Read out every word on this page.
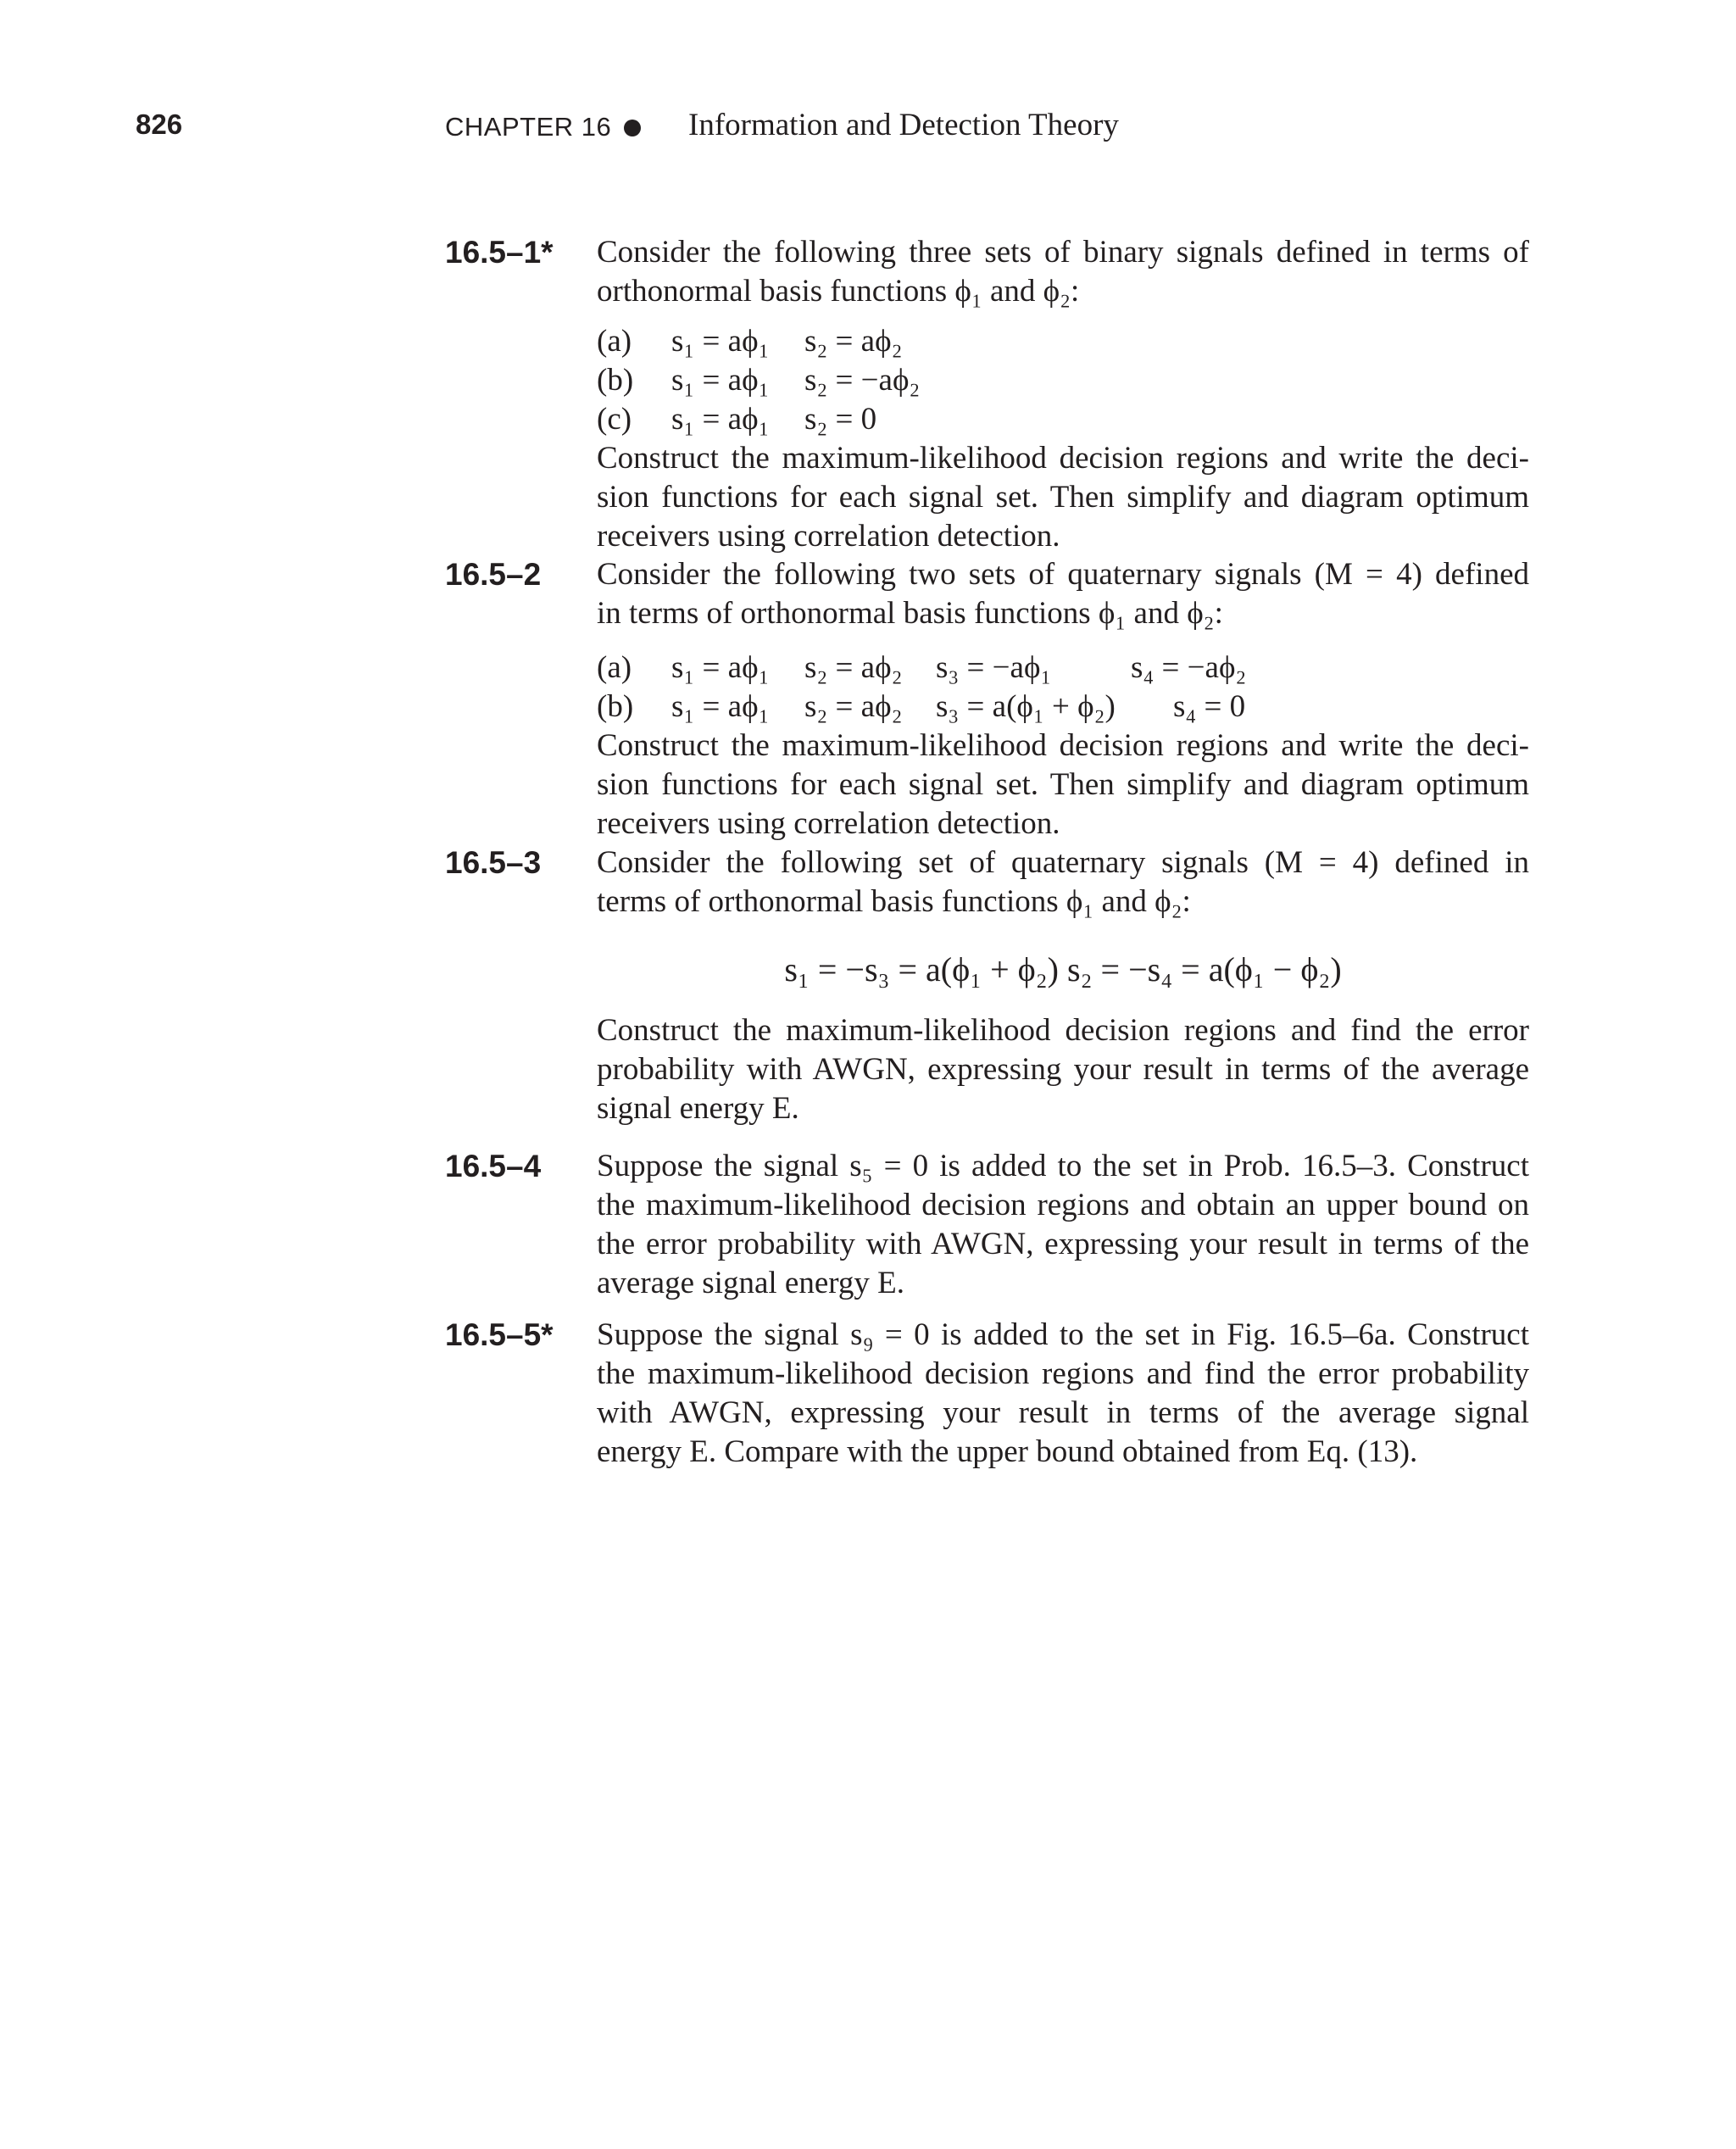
826	CHAPTER 16 Information and Detection Theory
16.5–1* Consider the following three sets of binary signals defined in terms of
orthonormal basis functions ϕ₁ and ϕ₂:
(a) s₁ = aϕ₁ s₂ = aϕ₂
(b) s₁ = aϕ₁ s₂ = −aϕ₂
(c) s₁ = aϕ₁ s₂ = 0
Construct the maximum-likelihood decision regions and write the deci-
sion functions for each signal set. Then simplify and diagram optimum
receivers using correlation detection.
16.5–2 Consider the following two sets of quaternary signals (M = 4) defined
in terms of orthonormal basis functions ϕ₁ and ϕ₂:
(a) s₁ = aϕ₁ s₂ = aϕ₂ s₃ = −aϕ₁	s₄ = −aϕ₂
(b) s₁ = aϕ₁ s₂ = aϕ₂ s₃ = a(ϕ₁ + ϕ₂) s₄ = 0
Construct the maximum-likelihood decision regions and write the deci-
sion functions for each signal set. Then simplify and diagram optimum
receivers using correlation detection.
16.5–3 Consider the following set of quaternary signals (M = 4) defined in
terms of orthonormal basis functions ϕ₁ and ϕ₂:
s₁ = −s₃ = a(ϕ₁ + ϕ₂) s₂ = −s₄ = a(ϕ₁ − ϕ₂)
Construct the maximum-likelihood decision regions and find the error
probability with AWGN, expressing your result in terms of the average
signal energy E.
16.5–4 Suppose the signal s₅ = 0 is added to the set in Prob. 16.5–3. Construct
the maximum-likelihood decision regions and obtain an upper bound on
the error probability with AWGN, expressing your result in terms of the
average signal energy E.
16.5–5* Suppose the signal s₉ = 0 is added to the set in Fig. 16.5–6a. Construct
the maximum-likelihood decision regions and find the error probability
with AWGN, expressing your result in terms of the average signal
energy E. Compare with the upper bound obtained from Eq. (13).
